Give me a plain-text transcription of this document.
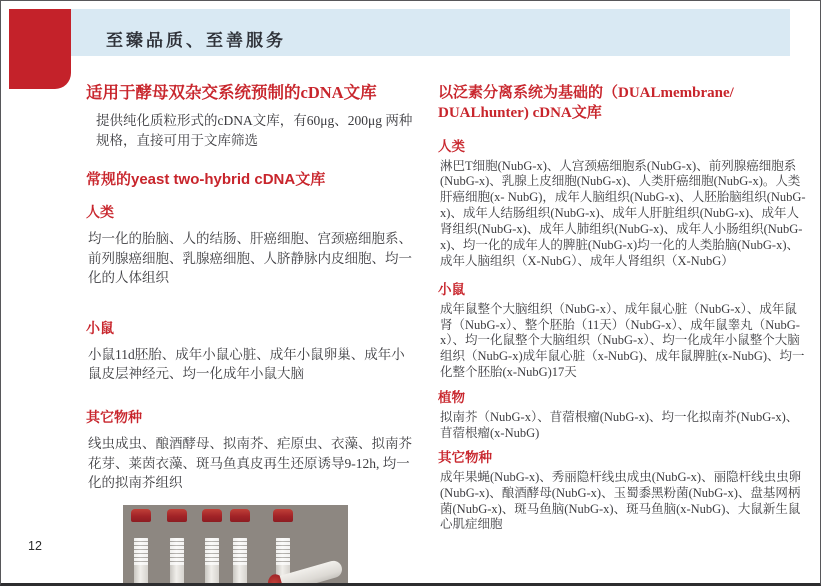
至臻品质、至善服务
适用于酵母双杂交系统预制的cDNA文库

提供纯化质粒形式的cDNA文库，有60μg、200μg 两种规格，直接可用于文库筛选

常规的yeast two-hybrid cDNA文库
人类

均一化的胎脑、人的结肠、肝癌细胞、宫颈癌细胞系、前列腺癌细胞、乳腺癌细胞、人脐静脉内皮细胞、均一化的人体组织

小鼠

小鼠11d胚胎、成年小鼠心脏、成年小鼠卵巢、成年小鼠皮层神经元、均一化成年小鼠大脑

其它物种

线虫成虫、酿酒酵母、拟南芥、疟原虫、衣藻、拟南芥花芽、莱茵衣藻、斑马鱼真皮再生还原诱导9-12h, 均一化的拟南芥组织

以泛素分离系统为基础的（DUALmembrane/
DUALhunter) cDNA文库
人类

淋巴T细胞(NubG-x)、人宫颈癌细胞系(NubG-x)、前列腺癌细胞系(NubG-x)、乳腺上皮细胞(NubG-x)、人类肝癌细胞(NubG-x)。人类肝癌细胞(x- NubG)，成年人脑组织(NubG-x)、人胚胎脑组织(NubG-x)、成年人结肠组织(NubG-x)、成年人肝脏组织(NubG-x)、成年人肾组织(NubG-x)、成年人肺组织(NubG-x)、成年人小肠组织(NubG-x)、均一化的成年人的脾脏(NubG-x)均一化的人类胎脑(NubG-x)、成年人脑组织（X-NubG）、成年人肾组织（X-NubG）

小鼠

成年鼠整个大脑组织（NubG-x）、成年鼠心脏（NubG-x）、成年鼠肾（NubG-x）、整个胚胎（11天）（NubG-x）、成年鼠睾丸（NubG-x）、均一化鼠整个大脑组织（NubG-x）、均一化成年小鼠整个大脑组织（NubG-x)成年鼠心脏（x-NubG)、成年鼠脾脏(x-NubG)、均一化整个胚胎(x-NubG)17天

植物

拟南芥（NubG-x）、苜蓿根瘤(NubG-x)、均一化拟南芥(NubG-x)、苜蓿根瘤(x-NubG)

其它物种

成年果蝇(NubG-x)、秀丽隐杆线虫成虫(NubG-x)、丽隐杆线虫虫卵(NubG-x)、酿酒酵母(NubG-x)、玉蜀黍黑粉菌(NubG-x)、盘基网柄菌(NubG-x)、斑马鱼脑(NubG-x)、斑马鱼脑(x-NubG)、大鼠新生鼠心肌症细胞

12
